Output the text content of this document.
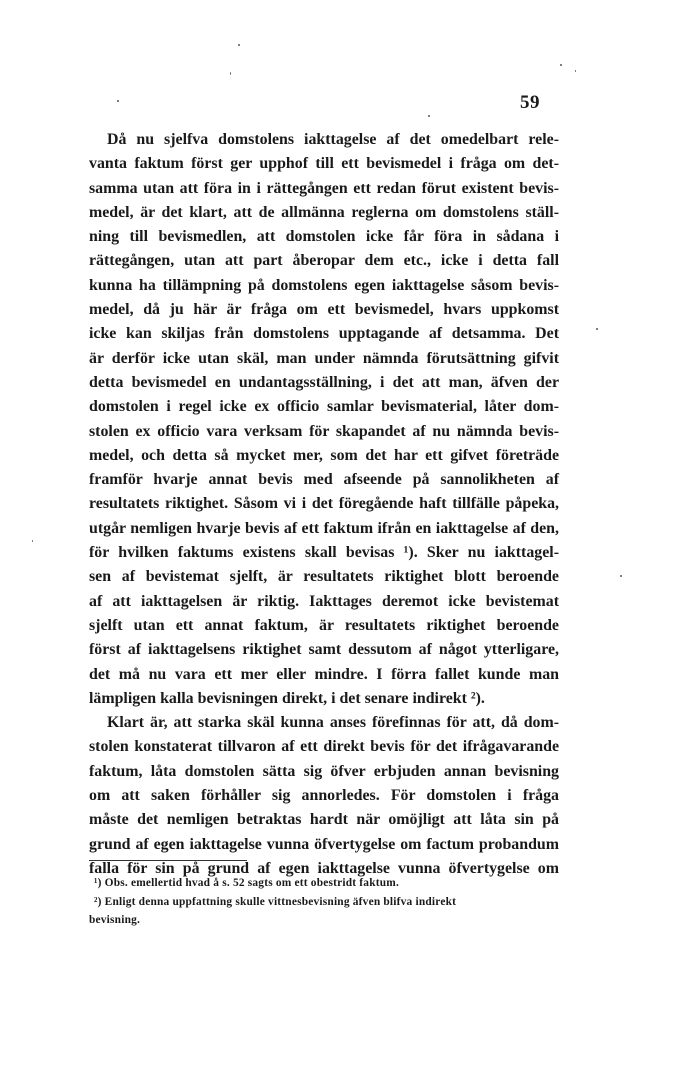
59
Då nu sjelfva domstolens iakttagelse af det omedelbart rele-
vanta faktum först ger upphof till ett bevismedel i fråga om det-
samma utan att föra in i rättegången ett redan förut existent bevis-
medel, är det klart, att de allmänna reglerna om domstolens ställ-
ning till bevismedlen, att domstolen icke får föra in sådana i
rättegången, utan att part åberopar dem etc., icke i detta fall
kunna ha tillämpning på domstolens egen iakttagelse såsom bevis-
medel, då ju här är fråga om ett bevismedel, hvars uppkomst
icke kan skiljas från domstolens upptagande af detsamma. Det
är derför icke utan skäl, man under nämnda förutsättning gifvit
detta bevismedel en undantagsställning, i det att man, äfven der
domstolen i regel icke ex officio samlar bevismaterial, låter dom-
stolen ex officio vara verksam för skapandet af nu nämnda bevis-
medel, och detta så mycket mer, som det har ett gifvet företräde
framför hvarje annat bevis med afseende på sannolikheten af
resultatets riktighet. Såsom vi i det föregående haft tillfälle påpeka,
utgår nemligen hvarje bevis af ett faktum ifrån en iakttagelse af den,
för hvilken faktums existens skall bevisas ¹). Sker nu iakttagel-
sen af bevistemat sjelft, är resultatets riktighet blott beroende
af att iakttagelsen är riktig. Iakttages deremot icke bevistemat
sjelft utan ett annat faktum, är resultatets riktighet beroende
först af iakttagelsens riktighet samt dessutom af något ytterligare,
det må nu vara ett mer eller mindre. I förra fallet kunde man
lämpligen kalla bevisningen direkt, i det senare indirekt ²).
Klart är, att starka skäl kunna anses förefinnas för att, då dom-
stolen konstaterat tillvaron af ett direkt bevis för det ifrågavarande
faktum, låta domstolen sätta sig öfver erbjuden annan bevisning
om att saken förhåller sig annorledes. För domstolen i fråga
måste det nemligen betraktas hardt när omöjligt att låta sin på
grund af egen iakttagelse vunna öfvertygelse om factum probandum
falla för sin på grund af egen iakttagelse vunna öfvertygelse om
¹) Obs. emellertid hvad å s. 52 sagts om ett obestridt faktum.
²) Enligt denna uppfattning skulle vittnesbevisning äfven blifva indirekt
bevisning.
